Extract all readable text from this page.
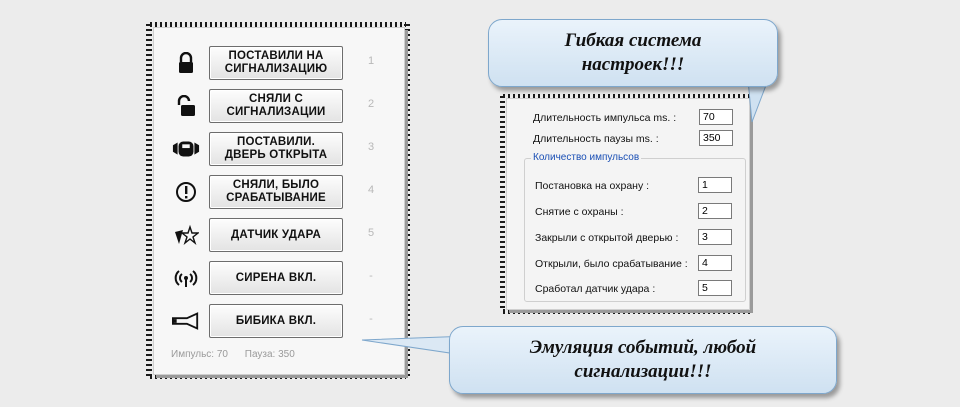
ПОСТАВИЛИ НА
СИГНАЛИЗАЦИЮ
1
СНЯЛИ С
СИГНАЛИЗАЦИИ
2
ПОСТАВИЛИ.
ДВЕРЬ ОТКРЫТА
3
СНЯЛИ, БЫЛО
СРАБАТЫВАНИЕ
4
ДАТЧИК УДАРА	5
СИРЕНА ВКЛ.	-
БИБИКА ВКЛ.	-
Импульс: 70 Пауза: 350
Длительность импульса ms. :
70
Длительность паузы ms. :
350
Количество импульсов
Постановка на охрану :
1
Снятие с охраны :
2
Закрыли с открытой дверью :
3
Открыли, было срабатывание :
4
Сработал датчик удара :
5
Гибкая система
настроек!!!
Эмуляция событий, любой
сигнализации!!!
